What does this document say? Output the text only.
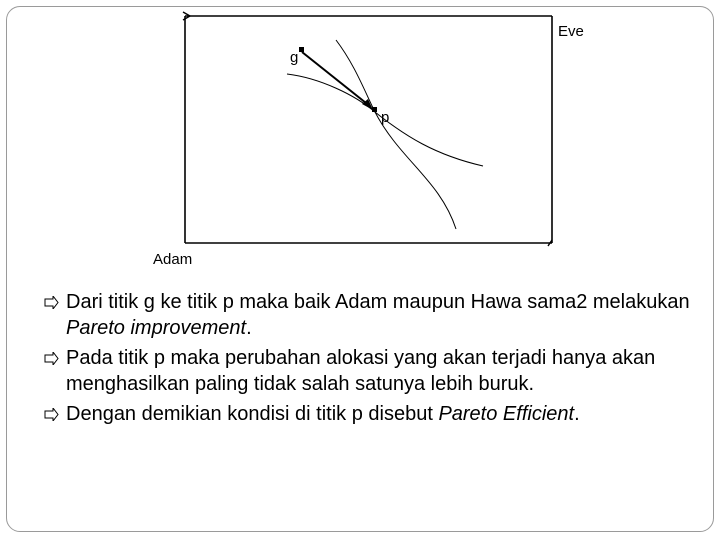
Eve
g
p
Adam
Dari titik g ke titik p maka baik Adam maupun Hawa sama2 melakukan Pareto improvement.
Pada titik p maka perubahan alokasi yang akan terjadi hanya akan menghasilkan paling tidak salah satunya lebih buruk.
Dengan demikian kondisi di titik p disebut Pareto Efficient.
